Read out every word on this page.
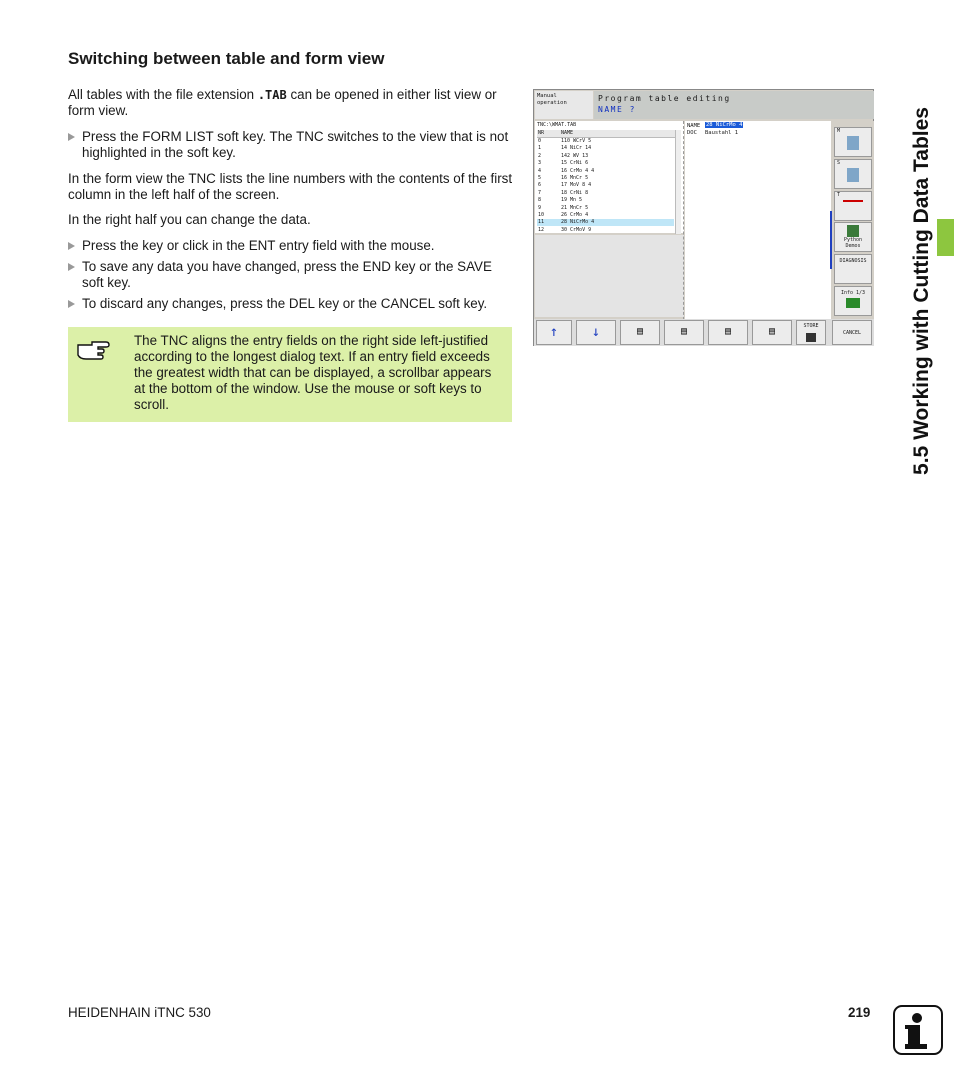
Switching between table and form view

All tables with the file extension .TAB can be opened in either list view or form view.

Press the FORM LIST soft key. The TNC switches to the view that is not highlighted in the soft key.

In the form view the TNC lists the line numbers with the contents of the first column in the left half of the screen.

In the right half you can change the data.

Press the key or click in the ENT entry field with the mouse.
To save any data you have changed, press the END key or the SAVE soft key.
To discard any changes, press the DEL key or the CANCEL soft key.
The TNC aligns the entry fields on the right side left-justified according to the longest dialog text. If an entry field exceeds the greatest width that can be displayed, a scrollbar appears at the bottom of the window. Use the mouse or soft keys to scroll.
Manual
operation	Program table editing
NAME ?
TNC:\WMAT.TAB
NR	NAME
0	110 WCrV 5
1	14 NiCr 14
2	142 WV 13
3	15 CrNi 6
4	16 CrMo 4 4
5	16 MnCr 5
6	17 MoV 8 4
7	18 CrNi 8
8	19 Mn 5
9	21 MnCr 5
10	26 CrMo 4
11	28 NiCrMo 4
12	30 CrMoV 9
NAME 28 NiCrMo 4
DOC Baustahl 1	M
S
T
Python Demos
DIAGNOSIS
Info 1/3
↑	↓	▤	▤	▤	▤	STORE
CANCEL	5.5 Working with Cutting Data Tables
HEIDENHAIN iTNC 530	219
